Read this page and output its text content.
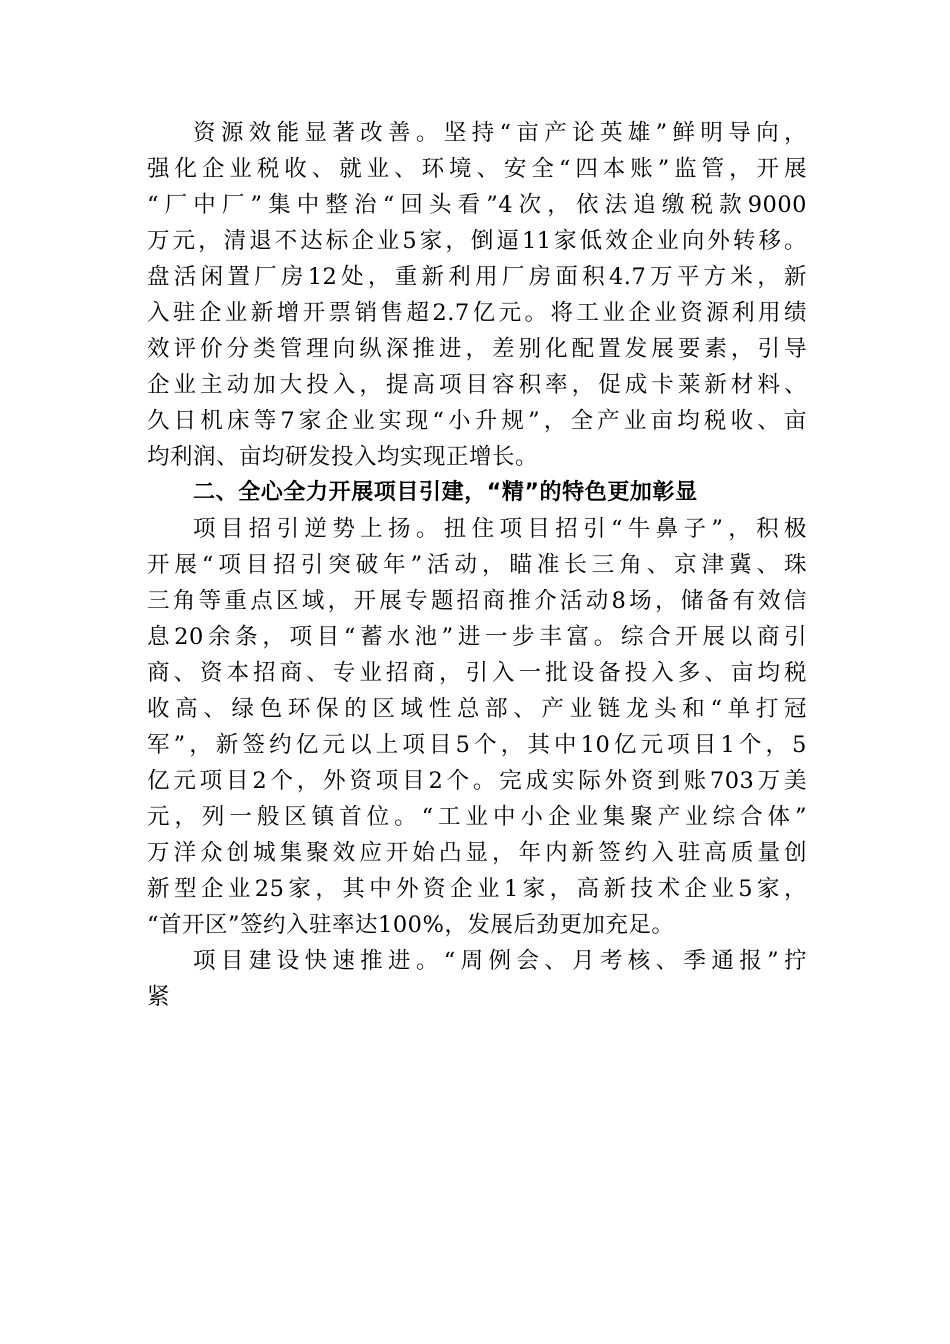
资源效能显著改善。坚持“亩产论英雄”鲜明导向，
强化企业税收、就业、环境、安全“四本账”监管，开展
“厂中厂”集中整治“回头看”4次，依法追缴税款9000
万元，清退不达标企业5家，倒逼11家低效企业向外转移。
盘活闲置厂房12处，重新利用厂房面积4.7万平方米，新
入驻企业新增开票销售超2.7亿元。将工业企业资源利用绩
效评价分类管理向纵深推进，差别化配置发展要素，引导
企业主动加大投入，提高项目容积率，促成卡莱新材料、
久日机床等7家企业实现“小升规”，全产业亩均税收、亩
均利润、亩均研发投入均实现正增长。
二、全心全力开展项目引建，“精”的特色更加彰显
项目招引逆势上扬。扭住项目招引“牛鼻子”，积极
开展“项目招引突破年”活动，瞄准长三角、京津冀、珠
三角等重点区域，开展专题招商推介活动8场，储备有效信
息20余条，项目“蓄水池”进一步丰富。综合开展以商引
商、资本招商、专业招商，引入一批设备投入多、亩均税
收高、绿色环保的区域性总部、产业链龙头和“单打冠
军”，新签约亿元以上项目5个，其中10亿元项目1个，5
亿元项目2个，外资项目2个。完成实际外资到账703万美
元，列一般区镇首位。“工业中小企业集聚产业综合体”
万洋众创城集聚效应开始凸显，年内新签约入驻高质量创
新型企业25家，其中外资企业1家，高新技术企业5家，
“首开区”签约入驻率达100%，发展后劲更加充足。
项目建设快速推进。“周例会、月考核、季通报”拧
紧
